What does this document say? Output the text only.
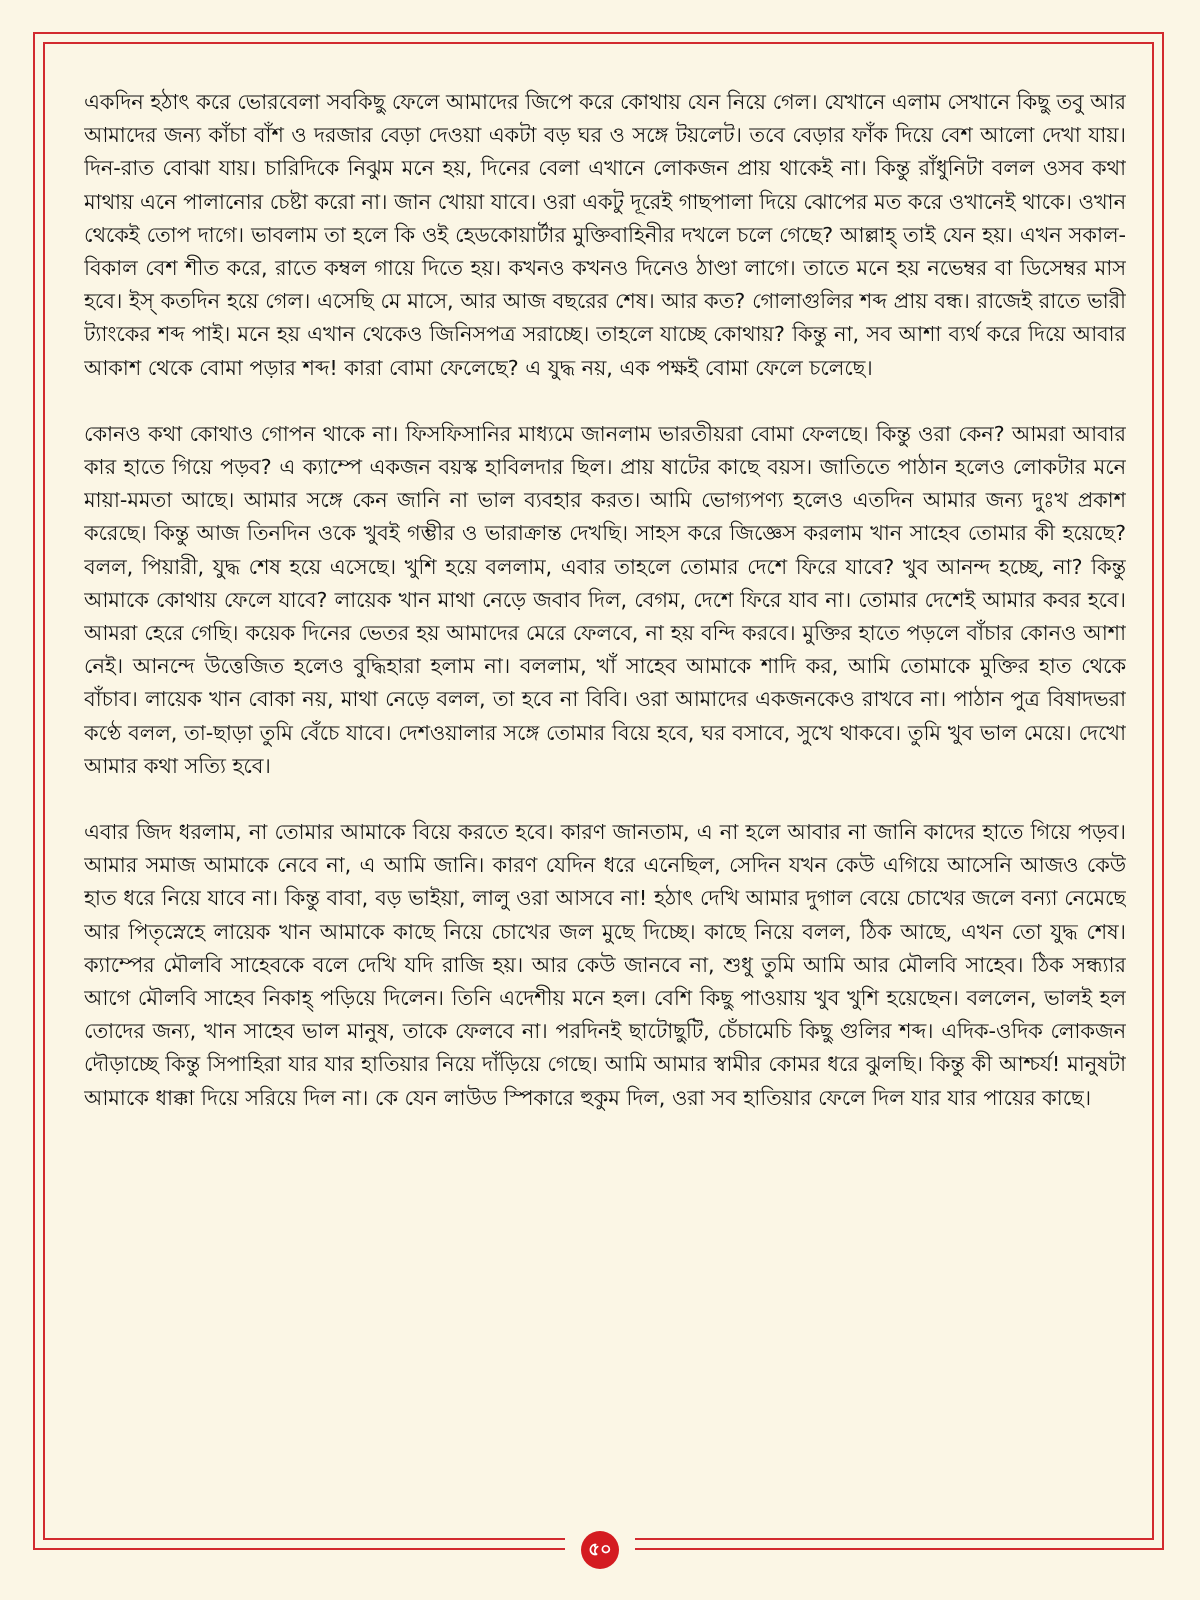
একদিন হঠাৎ করে ভোরবেলা সবকিছু ফেলে আমাদের জিপে করে কোথায় যেন নিয়ে গেল। যেখানে এলাম সেখানে কিছু তবু আর আমাদের জন্য কাঁচা বাঁশ ও দরজার বেড়া দেওয়া একটা বড় ঘর ও সঙ্গে টয়লেট। তবে বেড়ার ফাঁক দিয়ে বেশ আলো দেখা যায়। দিন-রাত বোঝা যায়। চারিদিকে নিঝুম মনে হয়, দিনের বেলা এখানে লোকজন প্রায় থাকেই না। কিন্তু রাঁধুনিটা বলল ওসব কথা মাথায় এনে পালানোর চেষ্টা করো না। জান খোয়া যাবে। ওরা একটু দূরেই গাছপালা দিয়ে ঝোপের মত করে ওখানেই থাকে। ওখান থেকেই তোপ দাগে। ভাবলাম তা হলে কি ওই হেডকোয়ার্টার মুক্তিবাহিনীর দখলে চলে গেছে? আল্লাহ্ তাই যেন হয়। এখন সকাল-বিকাল বেশ শীত করে, রাতে কম্বল গায়ে দিতে হয়। কখনও কখনও দিনেও ঠাণ্ডা লাগে। তাতে মনে হয় নভেম্বর বা ডিসেম্বর মাস হবে। ইস্ কতদিন হয়ে গেল। এসেছি মে মাসে, আর আজ বছরের শেষ। আর কত? গোলাগুলির শব্দ প্রায় বন্ধ। রাজেই রাতে ভারী ট্যাংকের শব্দ পাই। মনে হয় এখান থেকেও জিনিসপত্র সরাচ্ছে। তাহলে যাচ্ছে কোথায়? কিন্তু না, সব আশা ব্যর্থ করে দিয়ে আবার আকাশ থেকে বোমা পড়ার শব্দ! কারা বোমা ফেলেছে? এ যুদ্ধ নয়, এক পক্ষই বোমা ফেলে চলেছে।

কোনও কথা কোথাও গোপন থাকে না। ফিসফিসানির মাধ্যমে জানলাম ভারতীয়রা বোমা ফেলছে। কিন্তু ওরা কেন? আমরা আবার কার হাতে গিয়ে পড়ব? এ ক্যাম্পে একজন বয়স্ক হাবিলদার ছিল। প্রায় ষাটের কাছে বয়স। জাতিতে পাঠান হলেও লোকটার মনে মায়া-মমতা আছে। আমার সঙ্গে কেন জানি না ভাল ব্যবহার করত। আমি ভোগ্যপণ্য হলেও এতদিন আমার জন্য দুঃখ প্রকাশ করেছে। কিন্তু আজ তিনদিন ওকে খুবই গম্ভীর ও ভারাক্রান্ত দেখছি। সাহস করে জিজ্ঞেস করলাম খান সাহেব তোমার কী হয়েছে? বলল, পিয়ারী, যুদ্ধ শেষ হয়ে এসেছে। খুশি হয়ে বললাম, এবার তাহলে তোমার দেশে ফিরে যাবে? খুব আনন্দ হচ্ছে, না? কিন্তু আমাকে কোথায় ফেলে যাবে? লায়েক খান মাথা নেড়ে জবাব দিল, বেগম, দেশে ফিরে যাব না। তোমার দেশেই আমার কবর হবে। আমরা হেরে গেছি। কয়েক দিনের ভেতর হয় আমাদের মেরে ফেলবে, না হয় বন্দি করবে। মুক্তির হাতে পড়লে বাঁচার কোনও আশা নেই। আনন্দে উত্তেজিত হলেও বুদ্ধিহারা হলাম না। বললাম, খাঁ সাহেব আমাকে শাদি কর, আমি তোমাকে মুক্তির হাত থেকে বাঁচাব। লায়েক খান বোকা নয়, মাথা নেড়ে বলল, তা হবে না বিবি। ওরা আমাদের একজনকেও রাখবে না। পাঠান পুত্র বিষাদভরা কণ্ঠে বলল, তা-ছাড়া তুমি বেঁচে যাবে। দেশওয়ালার সঙ্গে তোমার বিয়ে হবে, ঘর বসাবে, সুখে থাকবে। তুমি খুব ভাল মেয়ে। দেখো আমার কথা সত্যি হবে।

এবার জিদ ধরলাম, না তোমার আমাকে বিয়ে করতে হবে। কারণ জানতাম, এ না হলে আবার না জানি কাদের হাতে গিয়ে পড়ব। আমার সমাজ আমাকে নেবে না, এ আমি জানি। কারণ যেদিন ধরে এনেছিল, সেদিন যখন কেউ এগিয়ে আসেনি আজও কেউ হাত ধরে নিয়ে যাবে না। কিন্তু বাবা, বড় ভাইয়া, লালু ওরা আসবে না! হঠাৎ দেখি আমার দুগাল বেয়ে চোখের জলে বন্যা নেমেছে আর পিতৃস্নেহে লায়েক খান আমাকে কাছে নিয়ে চোখের জল মুছে দিচ্ছে। কাছে নিয়ে বলল, ঠিক আছে, এখন তো যুদ্ধ শেষ। ক্যাম্পের মৌলবি সাহেবকে বলে দেখি যদি রাজি হয়। আর কেউ জানবে না, শুধু তুমি আমি আর মৌলবি সাহেব। ঠিক সন্ধ্যার আগে মৌলবি সাহেব নিকাহ্ পড়িয়ে দিলেন। তিনি এদেশীয় মনে হল। বেশি কিছু পাওয়ায় খুব খুশি হয়েছেন। বললেন, ভালই হল তোদের জন্য, খান সাহেব ভাল মানুষ, তাকে ফেলবে না। পরদিনই ছাটোছুটি, চেঁচামেচি কিছু গুলির শব্দ। এদিক-ওদিক লোকজন দৌড়াচ্ছে কিন্তু সিপাহিরা যার যার হাতিয়ার নিয়ে দাঁড়িয়ে গেছে। আমি আমার স্বামীর কোমর ধরে ঝুলছি। কিন্তু কী আশ্চর্য! মানুষটা আমাকে ধাক্কা দিয়ে সরিয়ে দিল না। কে যেন লাউড স্পিকারে হুকুম দিল, ওরা সব হাতিয়ার ফেলে দিল যার যার পায়ের কাছে।

৫০
